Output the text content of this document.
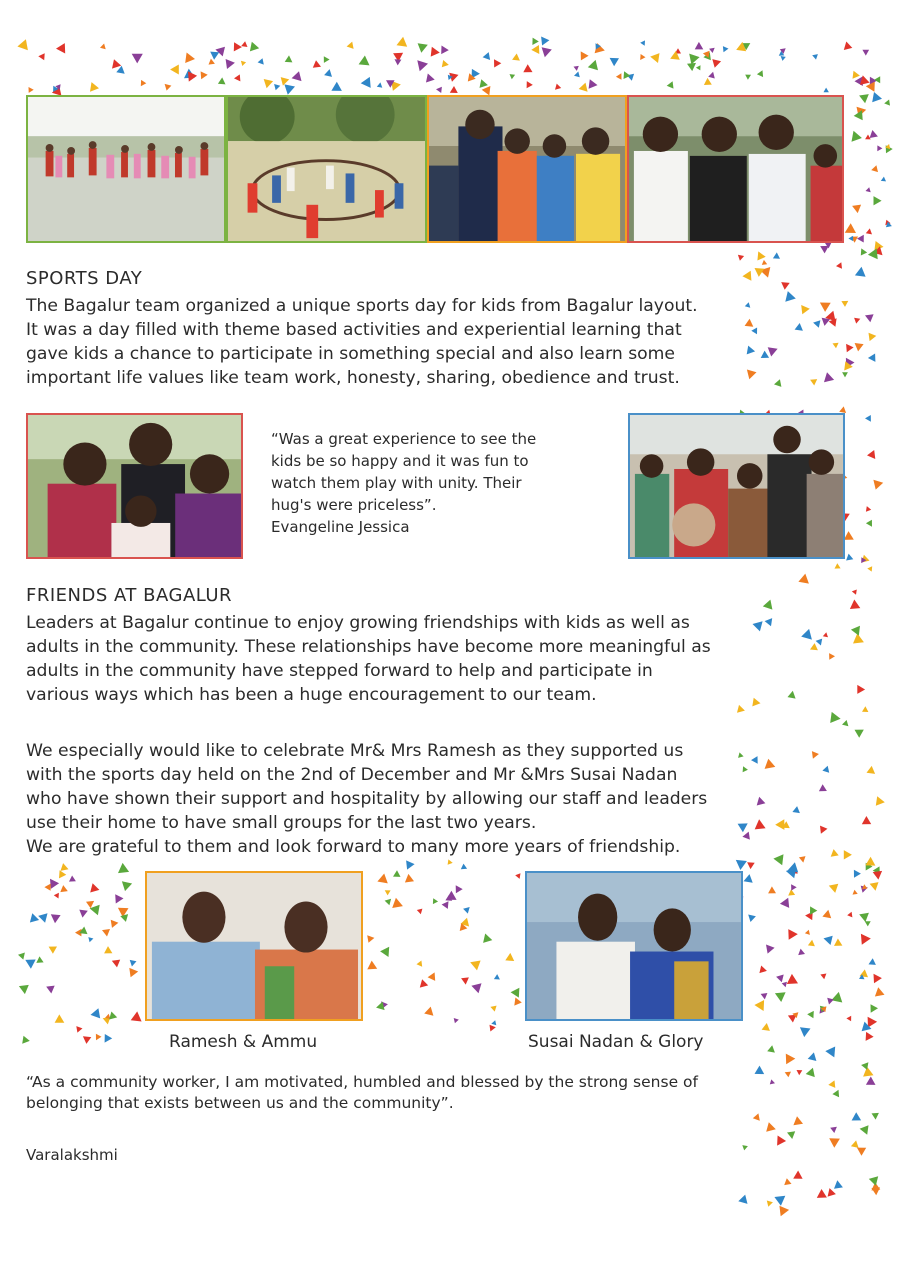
SPORTS DAY

The Bagalur team organized a unique sports day for kids from Bagalur layout.
It was a day filled with theme based activities and experiential learning that
gave kids a chance to participate in something special and also learn some
important life values like team work, honesty, sharing, obedience and trust.

“Was a great experience to see the
kids be so happy and it was fun to
watch them play with unity. Their
hug's were priceless”.
Evangeline Jessica

FRIENDS AT BAGALUR

Leaders at Bagalur continue to enjoy growing friendships with kids as well as
adults in the community. These relationships have become more meaningful as
adults in the community have stepped forward to help and participate in
various ways which has been a huge encouragement to our team.

We especially would like to celebrate Mr& Mrs Ramesh as they supported us
with the sports day held on the 2nd of December and Mr &Mrs Susai Nadan
who have shown their support and hospitality by allowing our staff and leaders
use their home to have small groups for the last two years.
We are grateful to them and look forward to many more years of friendship.

Ramesh & Ammu	Susai Nadan & Glory

“As a community worker, I am motivated, humbled and blessed by the strong sense of
belonging that exists between us and the community”.

Varalakshmi
